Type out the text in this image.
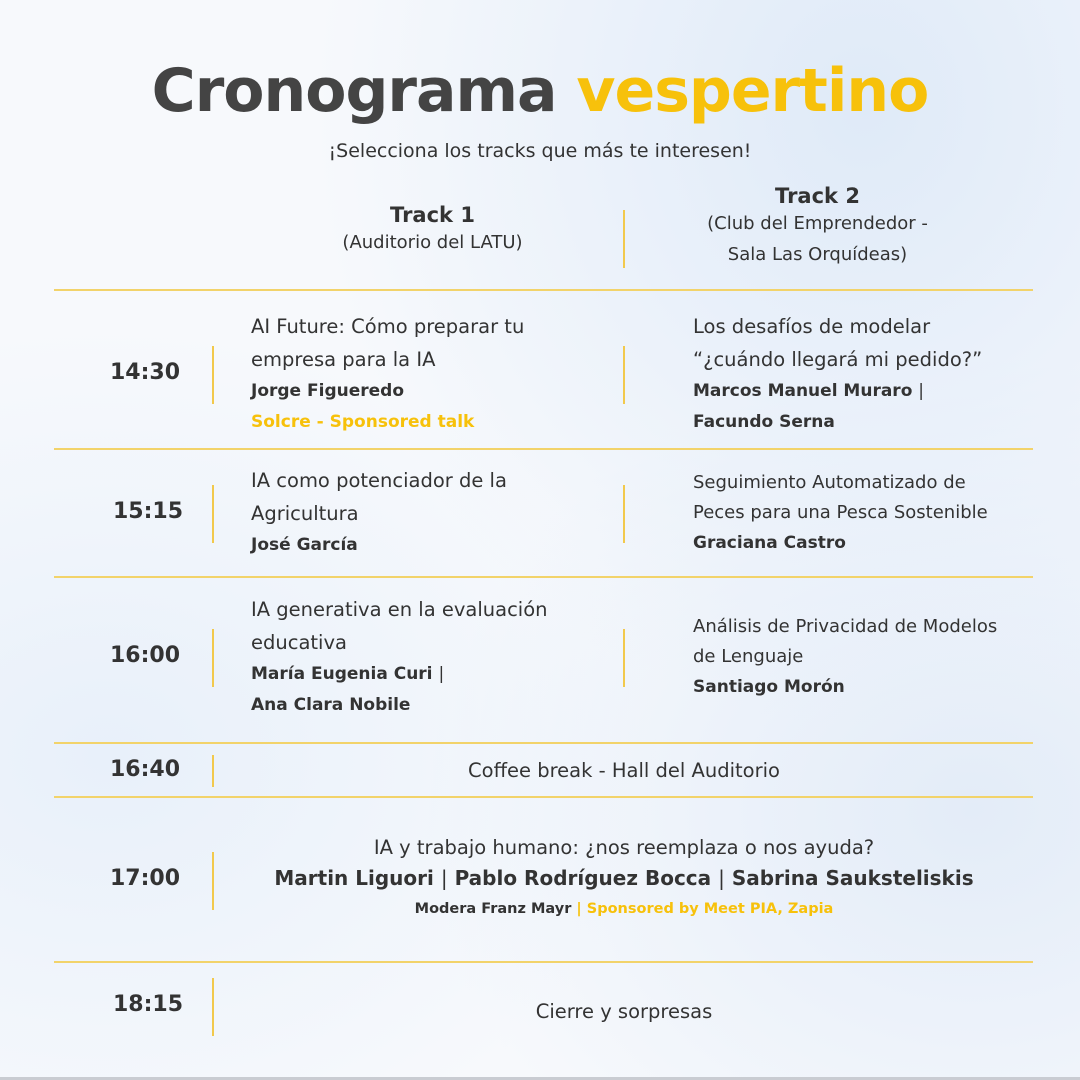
Cronograma vespertino
¡Selecciona los tracks que más te interesen!
Track 1
(Auditorio del LATU)
Track 2
(Club del Emprendedor -
Sala Las Orquídeas)
14:30
AI Future: Cómo preparar tu
empresa para la IA
Jorge Figueredo
Solcre - Sponsored talk
Los desafíos de modelar
“¿cuándo llegará mi pedido?”
Marcos Manuel Muraro |
Facundo Serna
15:15
IA como potenciador de la
Agricultura
José García
Seguimiento Automatizado de
Peces para una Pesca Sostenible
Graciana Castro
16:00
IA generativa en la evaluación
educativa
María Eugenia Curi |
Ana Clara Nobile
Análisis de Privacidad de Modelos
de Lenguaje
Santiago Morón
16:40	Coffee break - Hall del Auditorio
17:00
IA y trabajo humano: ¿nos reemplaza o nos ayuda?
Martin Liguori | Pablo Rodríguez Bocca | Sabrina Saukstеliskis
Modera Franz Mayr | Sponsored by Meet PIA, Zapia
18:15	Cierre y sorpresas
